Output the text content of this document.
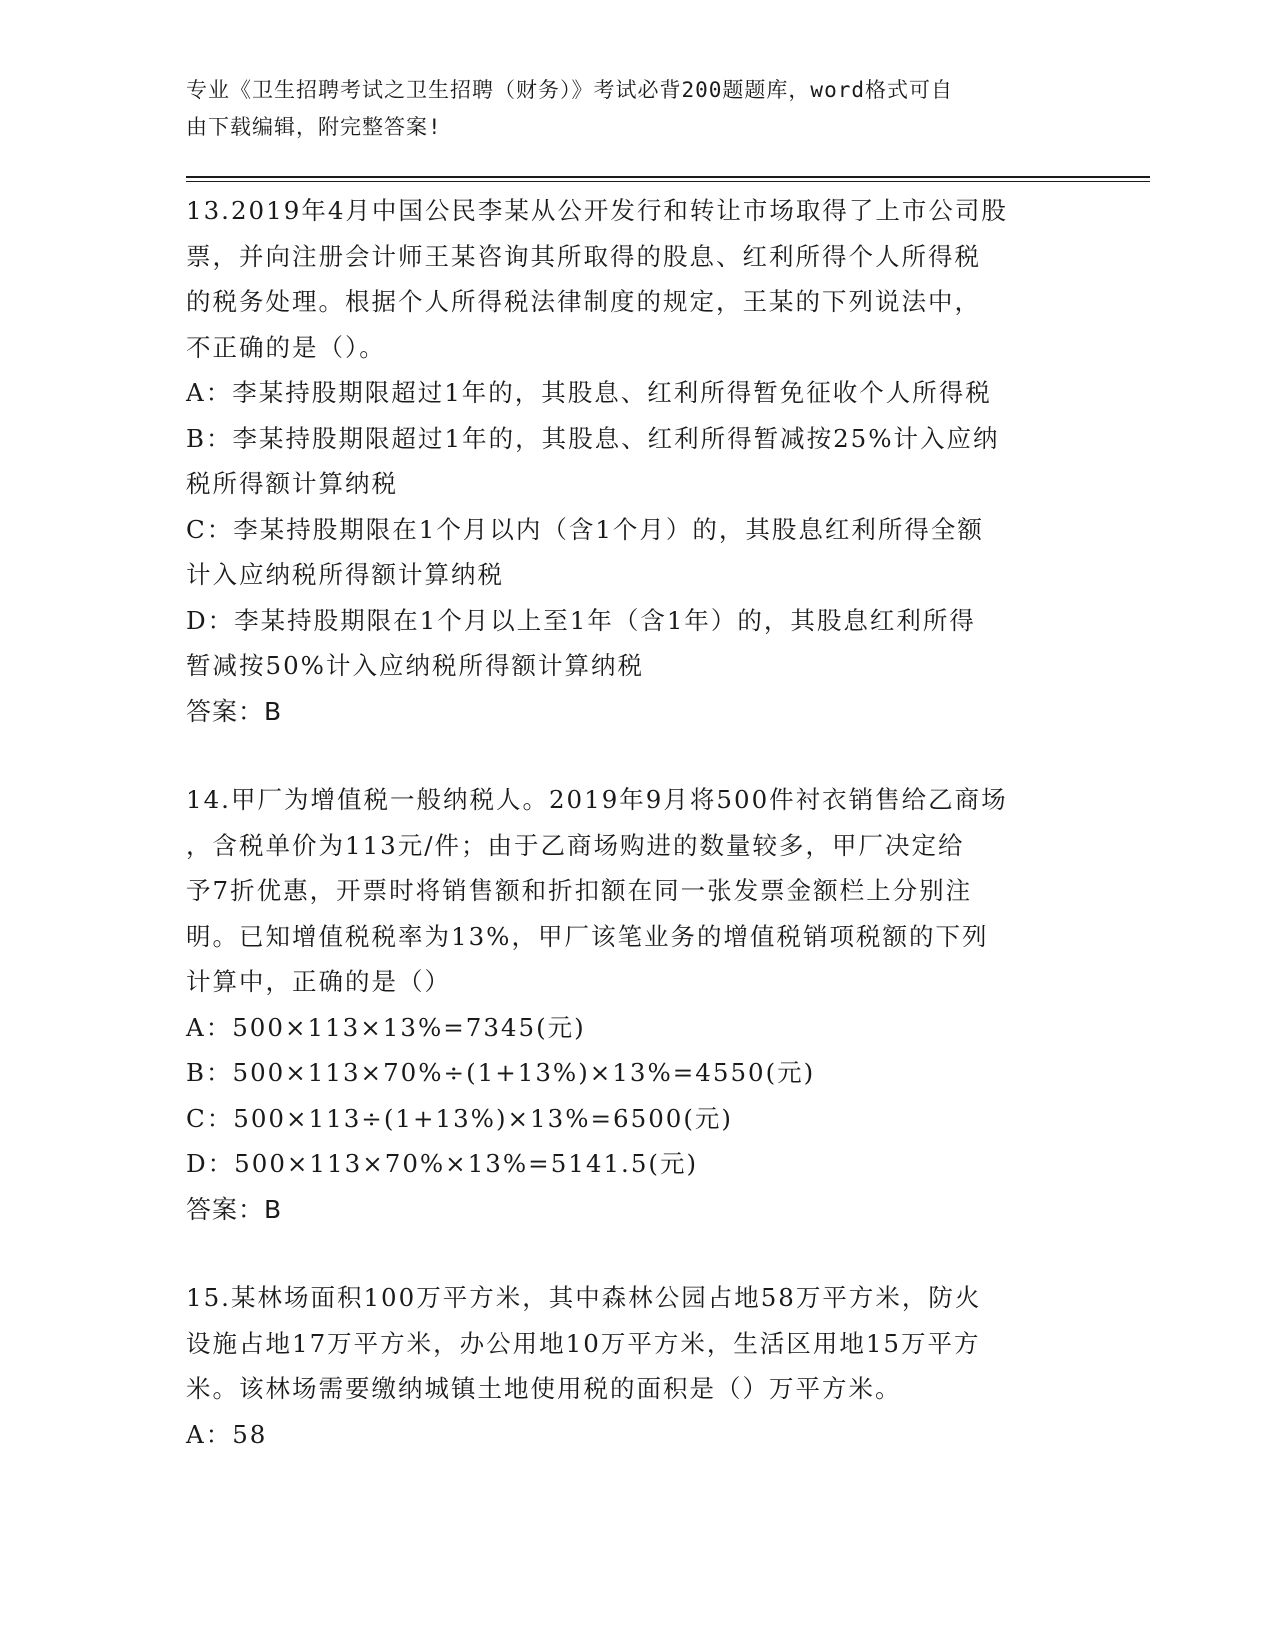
专业《卫生招聘考试之卫生招聘（财务）》考试必背200题题库，word格式可自
由下载编辑，附完整答案!

13.2019年4月中国公民李某从公开发行和转让市场取得了上市公司股

票，并向注册会计师王某咨询其所取得的股息、红利所得个人所得税

的税务处理。根据个人所得税法律制度的规定，王某的下列说法中，

不正确的是（）。

A：李某持股期限超过1年的，其股息、红利所得暂免征收个人所得税

B：李某持股期限超过1年的，其股息、红利所得暂减按25%计入应纳

税所得额计算纳税

C：李某持股期限在1个月以内（含1个月）的，其股息红利所得全额

计入应纳税所得额计算纳税

D：李某持股期限在1个月以上至1年（含1年）的，其股息红利所得

暂减按50%计入应纳税所得额计算纳税

答案：B

14.甲厂为增值税一般纳税人。2019年9月将500件衬衣销售给乙商场

，含税单价为113元/件；由于乙商场购进的数量较多，甲厂决定给

予7折优惠，开票时将销售额和折扣额在同一张发票金额栏上分别注

明。已知增值税税率为13%，甲厂该笔业务的增值税销项税额的下列

计算中，正确的是（）

A：500×113×13%=7345(元)

B：500×113×70%÷(1+13%)×13%=4550(元)

C：500×113÷(1+13%)×13%=6500(元)

D：500×113×70%×13%=5141.5(元)

答案：B

15.某林场面积100万平方米，其中森林公园占地58万平方米，防火

设施占地17万平方米，办公用地10万平方米，生活区用地15万平方

米。该林场需要缴纳城镇土地使用税的面积是（）万平方米。

A：58
